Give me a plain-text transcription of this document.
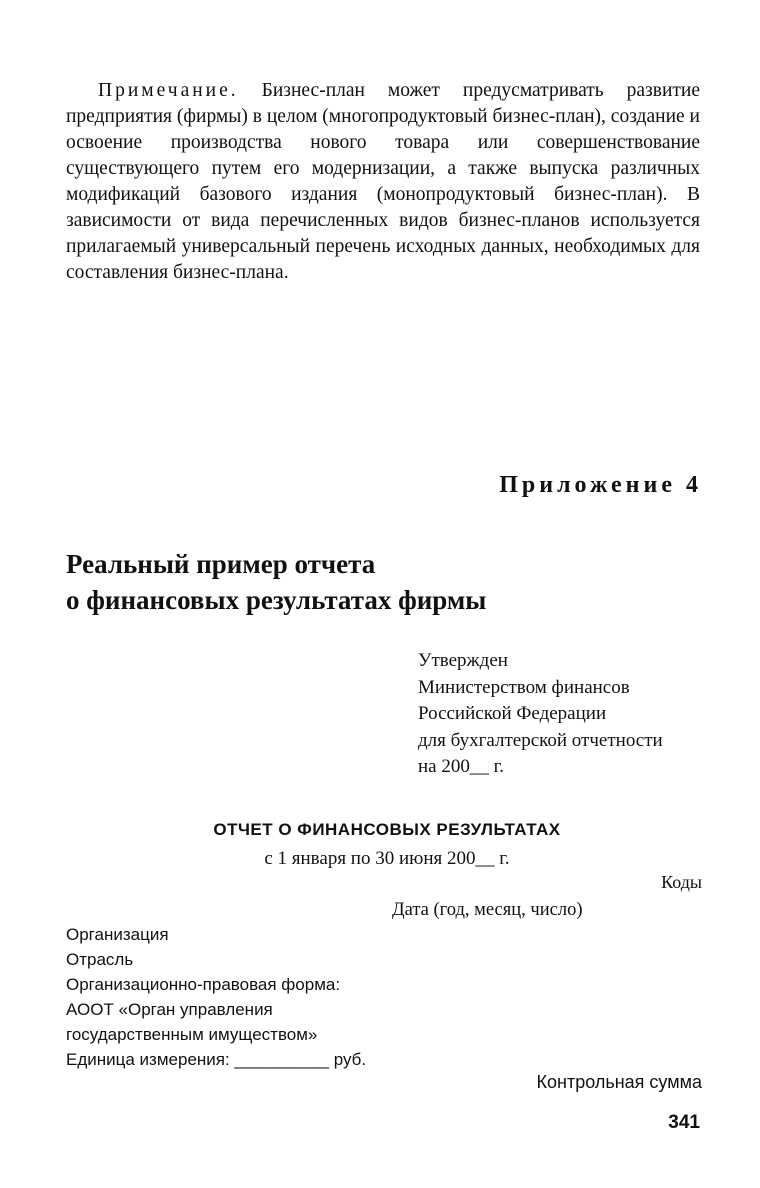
Примечание. Бизнес-план может предусматривать развитие предприятия (фирмы) в целом (многопродуктовый бизнес-план), создание и освоение производства нового товара или совершенствование существующего путем его модернизации, а также выпуска различных модификаций базового издания (монопродуктовый бизнес-план). В зависимости от вида перечисленных видов бизнес-планов используется прилагаемый универсальный перечень исходных данных, необходимых для составления бизнес-плана.

Приложение 4
Реальный пример отчета
о финансовых результатах фирмы
Утвержден
Министерством финансов
Российской Федерации
для бухгалтерской отчетности
на 200__ г.
ОТЧЕТ О ФИНАНСОВЫХ РЕЗУЛЬТАТАХ
с 1 января по 30 июня 200__ г.
Коды
Дата (год, месяц, число)
Организация
Отрасль
Организационно-правовая форма:
АООТ «Орган управления
государственным имуществом»
Единица измерения: __________ руб.
Контрольная сумма
341
